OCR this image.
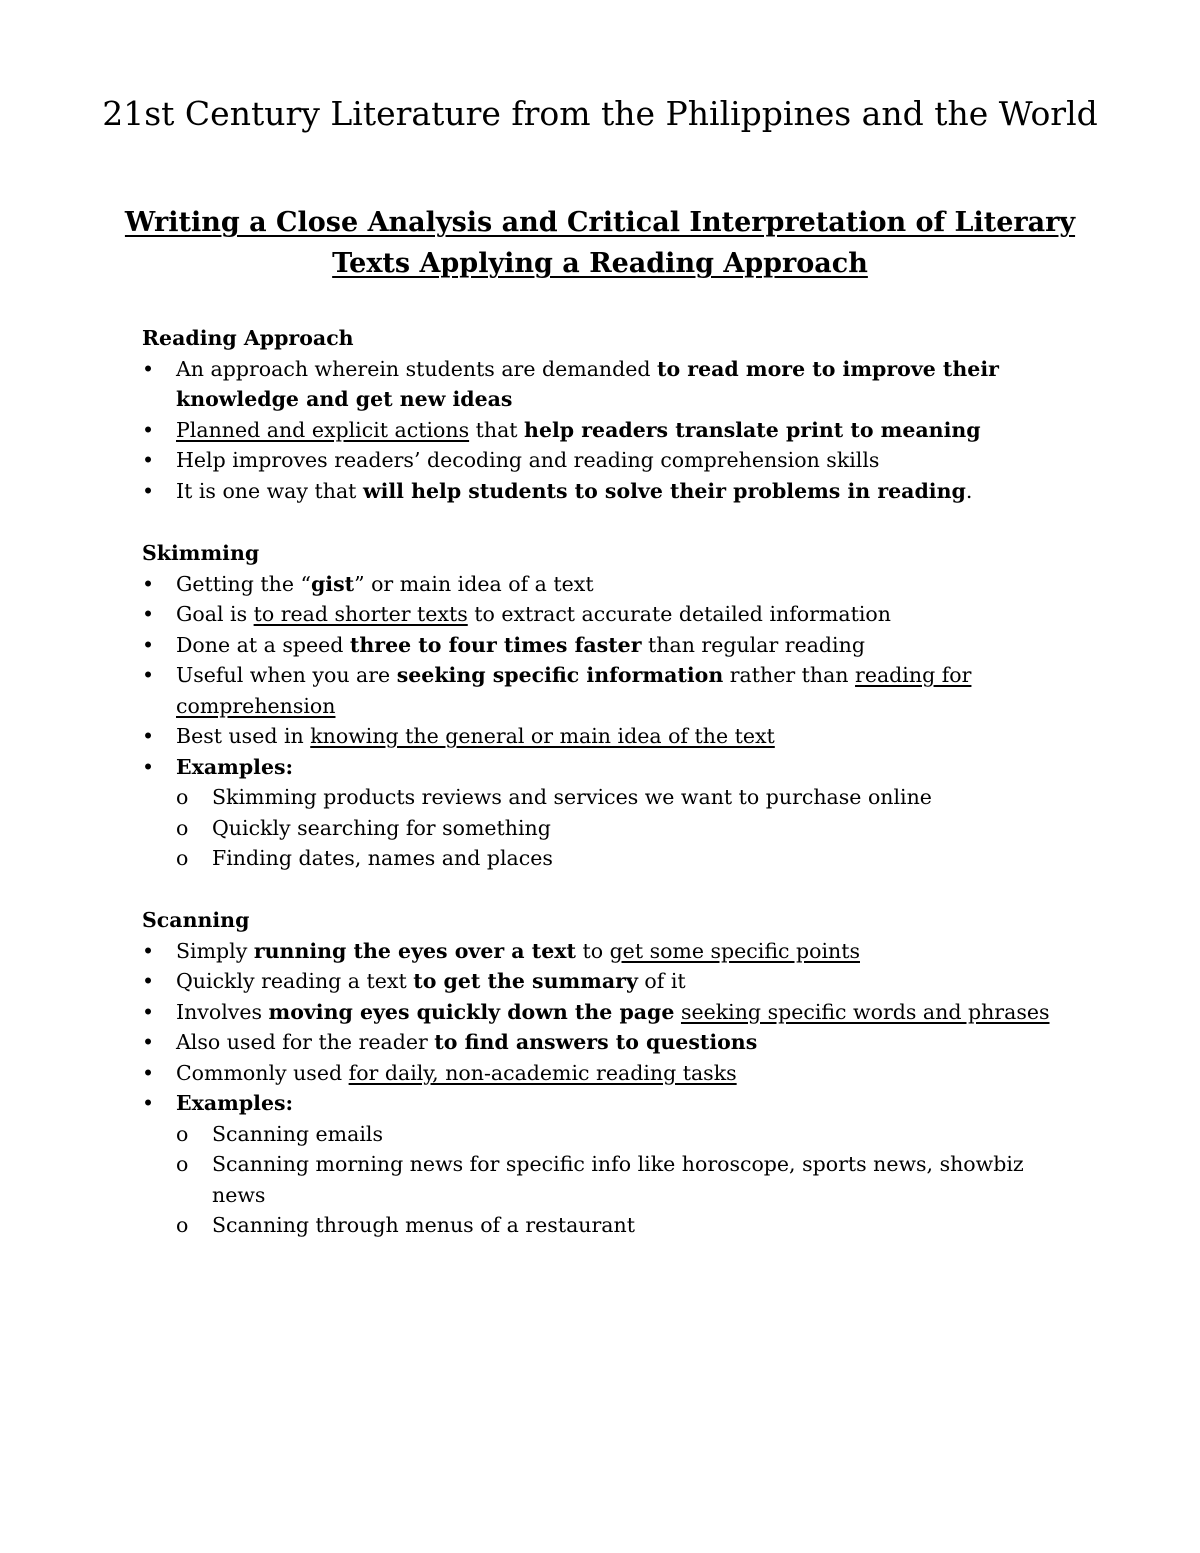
21st Century Literature from the Philippines and the World
Writing a Close Analysis and Critical Interpretation of Literary Texts Applying a Reading Approach
Reading Approach
• An approach wherein students are demanded to read more to improve their knowledge and get new ideas
• Planned and explicit actions that help readers translate print to meaning
• Help improves readers’ decoding and reading comprehension skills
• It is one way that will help students to solve their problems in reading.
Skimming
• Getting the “gist” or main idea of a text
• Goal is to read shorter texts to extract accurate detailed information
• Done at a speed three to four times faster than regular reading
• Useful when you are seeking specific information rather than reading for comprehension
• Best used in knowing the general or main idea of the text
• Examples:
o Skimming products reviews and services we want to purchase online
o Quickly searching for something
o Finding dates, names and places
Scanning
• Simply running the eyes over a text to get some specific points
• Quickly reading a text to get the summary of it
• Involves moving eyes quickly down the page seeking specific words and phrases
• Also used for the reader to find answers to questions
• Commonly used for daily, non-academic reading tasks
• Examples:
o Scanning emails
o Scanning morning news for specific info like horoscope, sports news, showbiz news
o Scanning through menus of a restaurant
